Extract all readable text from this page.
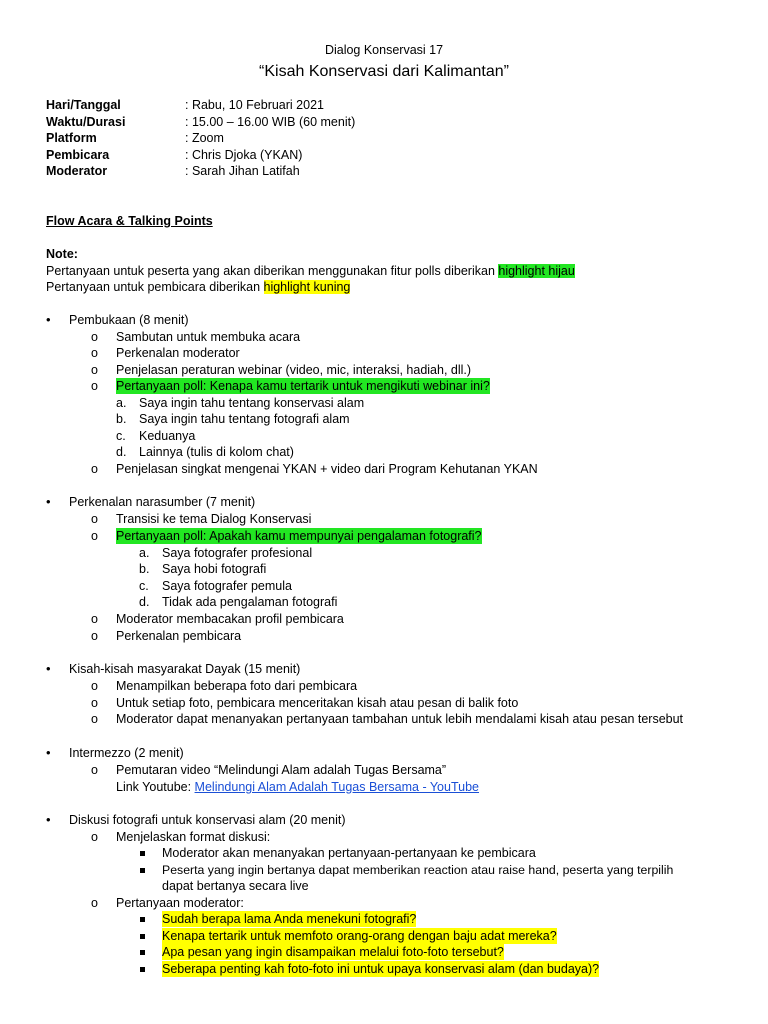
Dialog Konservasi 17
“Kisah Konservasi dari Kalimantan”
Hari/Tanggal	: Rabu, 10 Februari 2021
Waktu/Durasi	: 15.00 – 16.00 WIB (60 menit)
Platform	: Zoom
Pembicara	: Chris Djoka (YKAN)
Moderator	: Sarah Jihan Latifah
Flow Acara & Talking Points
Note:
Pertanyaan untuk peserta yang akan diberikan menggunakan fitur polls diberikan highlight hijau
Pertanyaan untuk pembicara diberikan highlight kuning
• Pembukaan (8 menit)
o Sambutan untuk membuka acara
o Perkenalan moderator
o Penjelasan peraturan webinar (video, mic, interaksi, hadiah, dll.)
o Pertanyaan poll: Kenapa kamu tertarik untuk mengikuti webinar ini?
a. Saya ingin tahu tentang konservasi alam
b. Saya ingin tahu tentang fotografi alam
c. Keduanya
d. Lainnya (tulis di kolom chat)
o Penjelasan singkat mengenai YKAN + video dari Program Kehutanan YKAN
• Perkenalan narasumber (7 menit)
o Transisi ke tema Dialog Konservasi
o Pertanyaan poll: Apakah kamu mempunyai pengalaman fotografi?
a. Saya fotografer profesional
b. Saya hobi fotografi
c. Saya fotografer pemula
d. Tidak ada pengalaman fotografi
o Moderator membacakan profil pembicara
o Perkenalan pembicara
• Kisah-kisah masyarakat Dayak (15 menit)
o Menampilkan beberapa foto dari pembicara
o Untuk setiap foto, pembicara menceritakan kisah atau pesan di balik foto
o Moderator dapat menanyakan pertanyaan tambahan untuk lebih mendalami kisah atau pesan tersebut
• Intermezzo (2 menit)
o Pemutaran video “Melindungi Alam adalah Tugas Bersama”
Link Youtube: Melindungi Alam Adalah Tugas Bersama - YouTube
• Diskusi fotografi untuk konservasi alam (20 menit)
o Menjelaskan format diskusi:
Moderator akan menanyakan pertanyaan-pertanyaan ke pembicara
Peserta yang ingin bertanya dapat memberikan reaction atau raise hand, peserta yang terpilih
dapat bertanya secara live
o Pertanyaan moderator:
Sudah berapa lama Anda menekuni fotografi?
Kenapa tertarik untuk memfoto orang-orang dengan baju adat mereka?
Apa pesan yang ingin disampaikan melalui foto-foto tersebut?
Seberapa penting kah foto-foto ini untuk upaya konservasi alam (dan budaya)?
